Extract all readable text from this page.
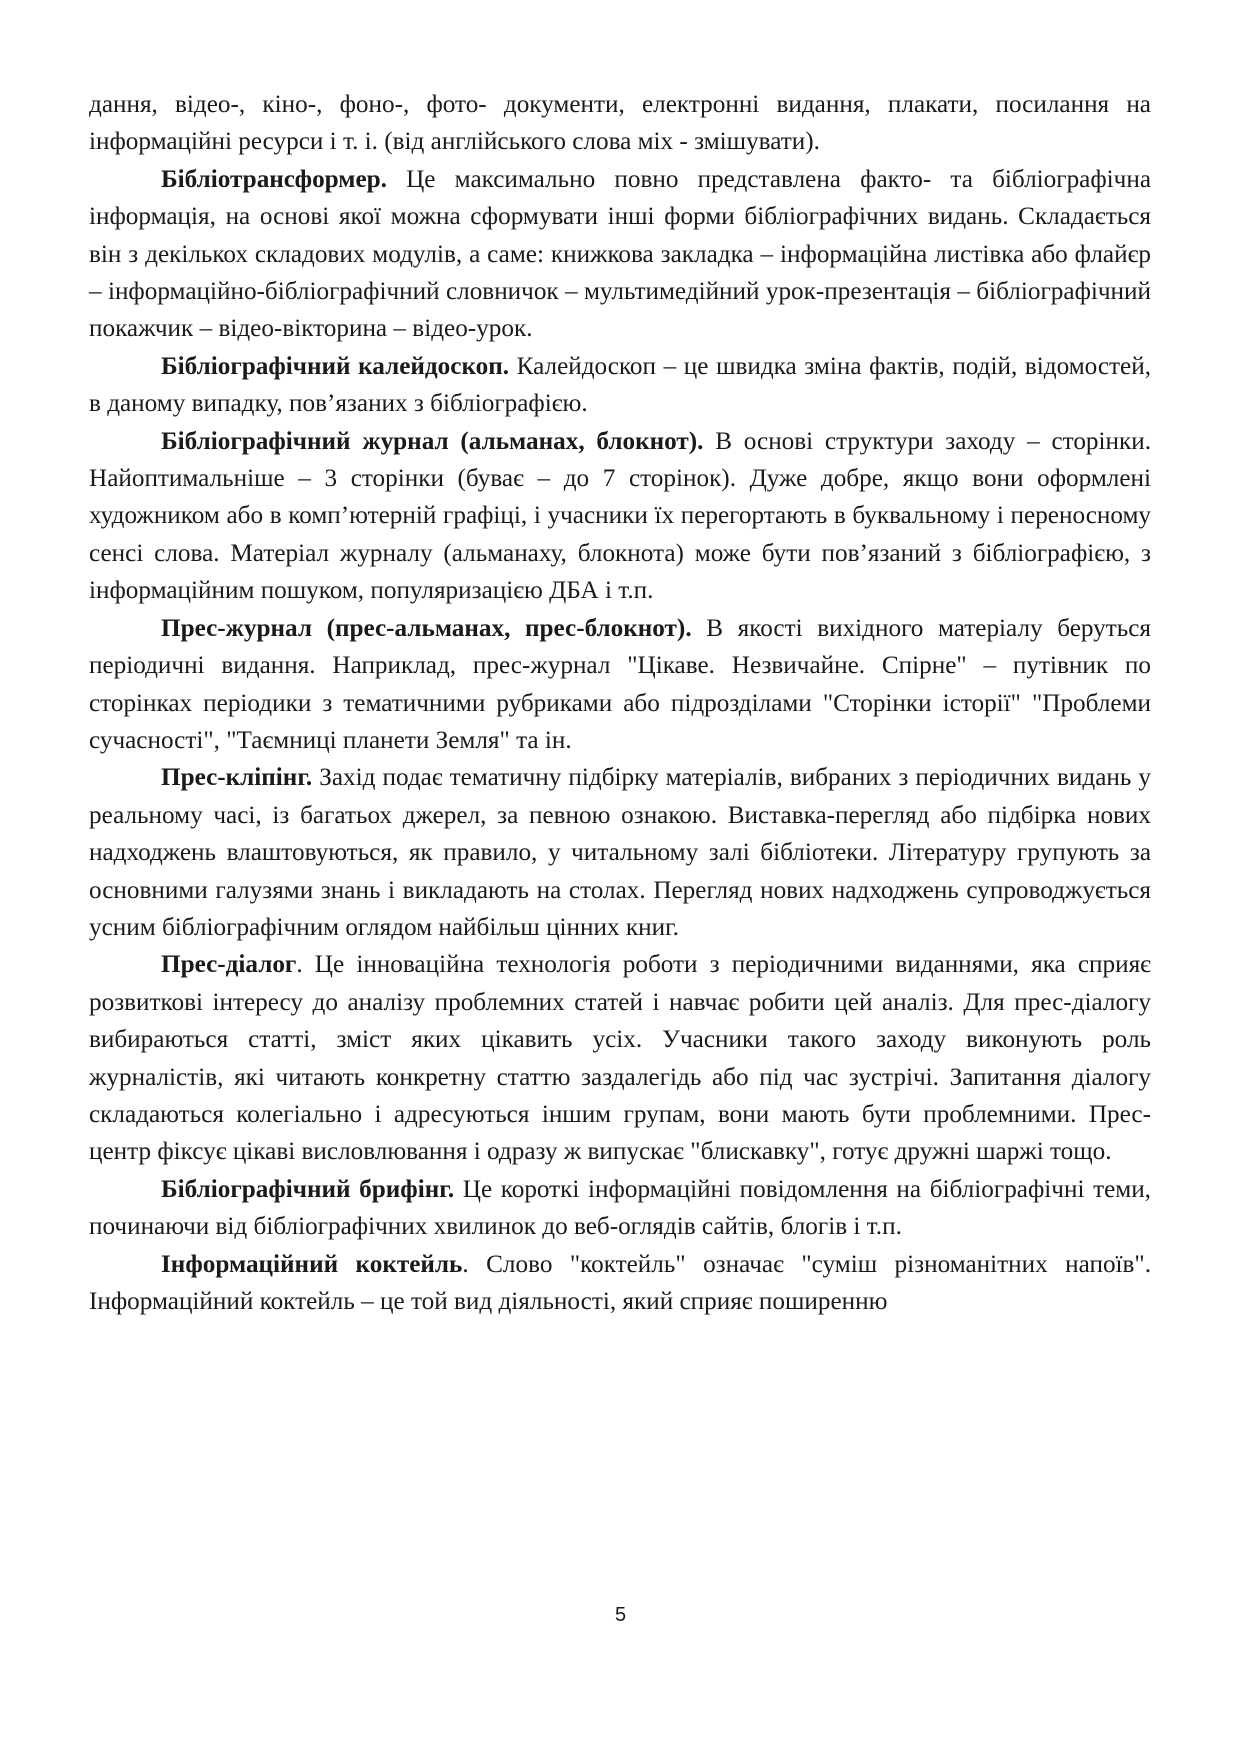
дання, відео-, кіно-, фоно-, фото- документи, електронні видання, плакати, посилання на інформаційні ресурси і т. і. (від англійського слова міх - змішувати).

Бібліотрансформер. Це максимально повно представлена факто- та бібліографічна інформація, на основі якої можна сформувати інші форми бібліографічних видань. Складається він з декількох складових модулів, а саме: книжкова закладка – інформаційна листівка або флайєр – інформаційно-бібліографічний словничок – мультимедійний урок-презентація – бібліографічний покажчик – відео-вікторина – відео-урок.

Бібліографічний калейдоскоп. Калейдоскоп – це швидка зміна фактів, подій, відомостей, в даному випадку, пов’язаних з бібліографією.

Бібліографічний журнал (альманах, блокнот). В основі структури заходу – сторінки. Найоптимальніше – 3 сторінки (буває – до 7 сторінок). Дуже добре, якщо вони оформлені художником або в комп’ютерній графіці, і учасники їх перегортають в буквальному і переносному сенсі слова. Матеріал журналу (альманаху, блокнота) може бути пов’язаний з бібліографією, з інформаційним пошуком, популяризацією ДБА і т.п.

Прес-журнал (прес-альманах, прес-блокнот). В якості вихідного матеріалу беруться періодичні видання. Наприклад, прес-журнал "Цікаве. Незвичайне. Спірне" – путівник по сторінках періодики з тематичними рубриками або підрозділами "Сторінки історії" "Проблеми сучасності", "Таємниці планети Земля" та ін.

Прес-кліпінг. Захід подає тематичну підбірку матеріалів, вибраних з періодичних видань у реальному часі, із багатьох джерел, за певною ознакою. Виставка-перегляд або підбірка нових надходжень влаштовуються, як правило, у читальному залі бібліотеки. Літературу групують за основними галузями знань і викладають на столах. Перегляд нових надходжень супроводжується усним бібліографічним оглядом найбільш цінних книг.

Прес-діалог. Це інноваційна технологія роботи з періодичними виданнями, яка сприяє розвиткові інтересу до аналізу проблемних статей і навчає робити цей аналіз. Для прес-діалогу вибираються статті, зміст яких цікавить усіх. Учасники такого заходу виконують роль журналістів, які читають конкретну статтю заздалегідь або під час зустрічі. Запитання діалогу складаються колегіально і адресуються іншим групам, вони мають бути проблемними. Прес-центр фіксує цікаві висловлювання і одразу ж випускає "блискавку", готує дружні шаржі тощо.

Бібліографічний брифінг. Це короткі інформаційні повідомлення на бібліографічні теми, починаючи від бібліографічних хвилинок до веб-оглядів сайтів, блогів і т.п.

Інформаційний коктейль. Слово "коктейль" означає "суміш різноманітних напоїв". Інформаційний коктейль – це той вид діяльності, який сприяє поширенню

5
